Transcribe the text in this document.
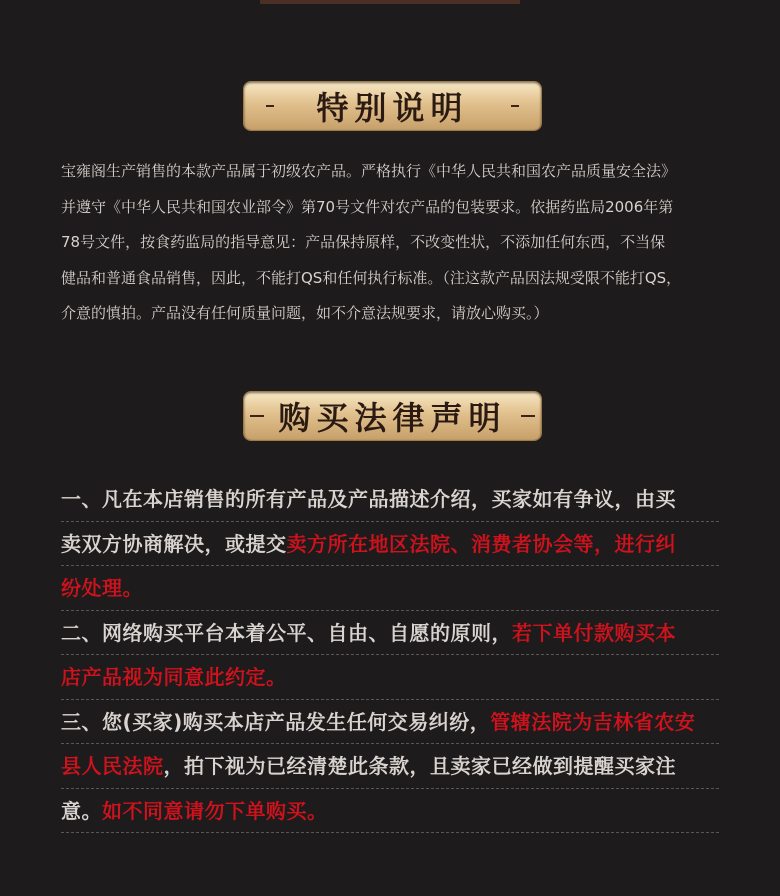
特别说明
宝雍阁生产销售的本款产品属于初级农产品。严格执行《中华人民共和国农产品质量安全法》
并遵守《中华人民共和国农业部令》第70号文件对农产品的包装要求。依据药监局2006年第
78号文件，按食药监局的指导意见：产品保持原样，不改变性状，不添加任何东西，不当保
健品和普通食品销售，因此，不能打QS和任何执行标准。（注这款产品因法规受限不能打QS，
介意的慎拍。产品没有任何质量问题，如不介意法规要求，请放心购买。）
购买法律声明
一、凡在本店销售的所有产品及产品描述介绍，买家如有争议，由买
卖双方协商解决，或提交卖方所在地区法院、消费者协会等，进行纠
纷处理。
二、网络购买平台本着公平、自由、自愿的原则，若下单付款购买本
店产品视为同意此约定。
三、您(买家)购买本店产品发生任何交易纠纷，管辖法院为吉林省农安
县人民法院，拍下视为已经清楚此条款，且卖家已经做到提醒买家注
意。如不同意请勿下单购买。
